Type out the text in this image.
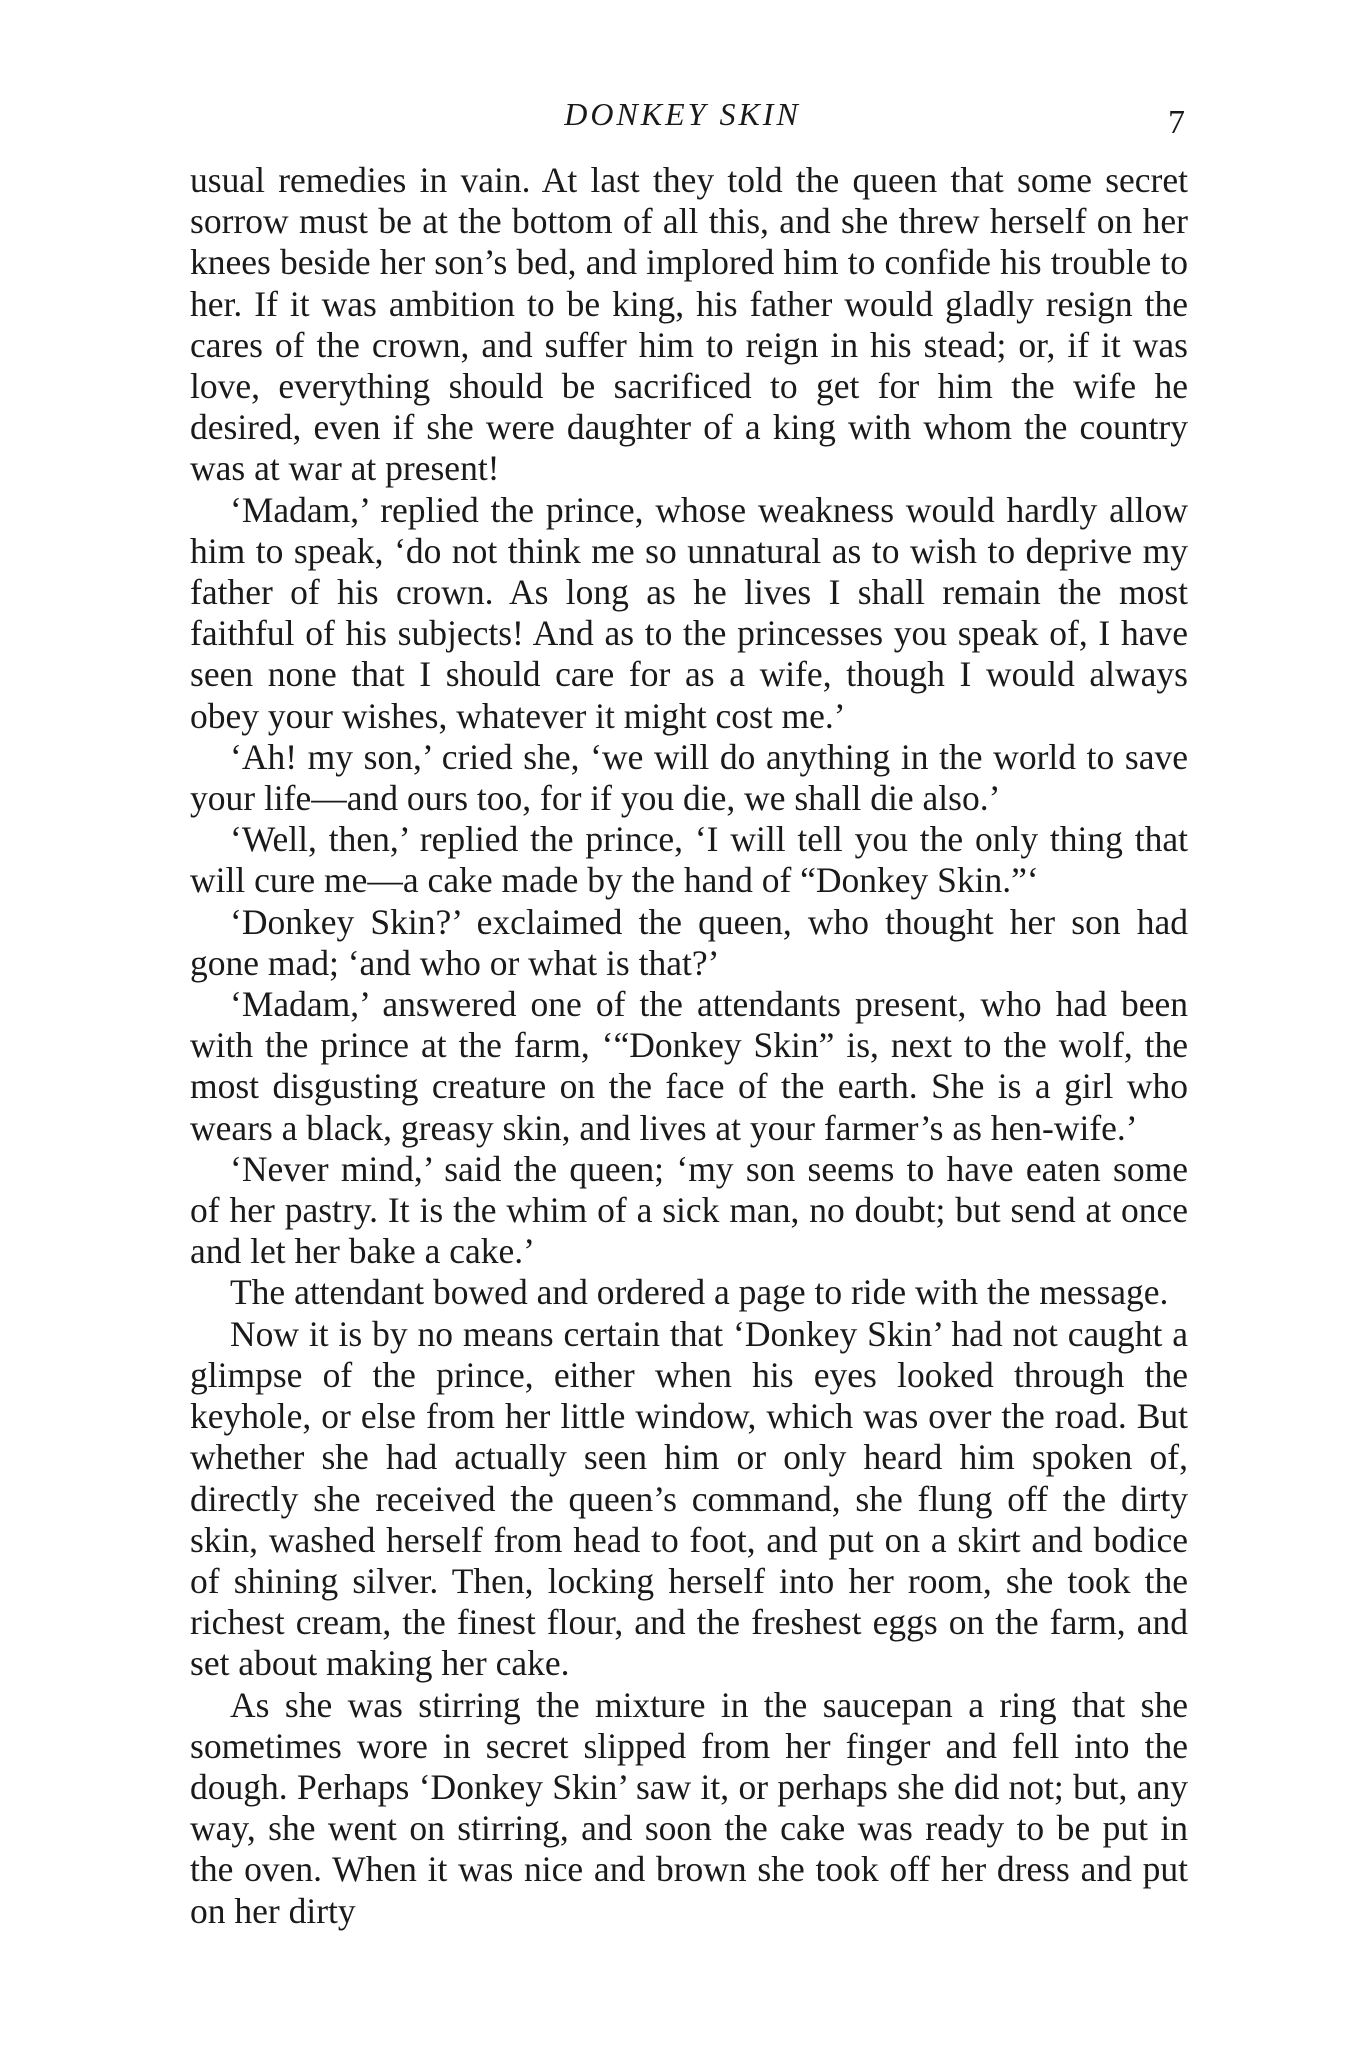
DONKEY SKIN	7

usual remedies in vain. At last they told the queen that some secret sorrow must be at the bottom of all this, and she threw herself on her knees beside her son’s bed, and implored him to confide his trouble to her. If it was ambition to be king, his father would gladly resign the cares of the crown, and suffer him to reign in his stead; or, if it was love, everything should be sacrificed to get for him the wife he desired, even if she were daughter of a king with whom the country was at war at present!

‘Madam,’ replied the prince, whose weakness would hardly allow him to speak, ‘do not think me so unnatural as to wish to deprive my father of his crown. As long as he lives I shall remain the most faithful of his subjects! And as to the princesses you speak of, I have seen none that I should care for as a wife, though I would always obey your wishes, whatever it might cost me.’

‘Ah! my son,’ cried she, ‘we will do anything in the world to save your life—and ours too, for if you die, we shall die also.’

‘Well, then,’ replied the prince, ‘I will tell you the only thing that will cure me—a cake made by the hand of “Donkey Skin.”‘

‘Donkey Skin?’ exclaimed the queen, who thought her son had gone mad; ‘and who or what is that?’

‘Madam,’ answered one of the attendants present, who had been with the prince at the farm, ‘“Donkey Skin” is, next to the wolf, the most disgusting creature on the face of the earth. She is a girl who wears a black, greasy skin, and lives at your farmer’s as hen-wife.’

‘Never mind,’ said the queen; ‘my son seems to have eaten some of her pastry. It is the whim of a sick man, no doubt; but send at once and let her bake a cake.’

The attendant bowed and ordered a page to ride with the message.

Now it is by no means certain that ‘Donkey Skin’ had not caught a glimpse of the prince, either when his eyes looked through the keyhole, or else from her little window, which was over the road. But whether she had actually seen him or only heard him spoken of, directly she received the queen’s command, she flung off the dirty skin, washed herself from head to foot, and put on a skirt and bodice of shining silver. Then, locking herself into her room, she took the richest cream, the finest flour, and the freshest eggs on the farm, and set about making her cake.

As she was stirring the mixture in the saucepan a ring that she sometimes wore in secret slipped from her finger and fell into the dough. Perhaps ‘Donkey Skin’ saw it, or perhaps she did not; but, any way, she went on stirring, and soon the cake was ready to be put in the oven. When it was nice and brown she took off her dress and put on her dirty
